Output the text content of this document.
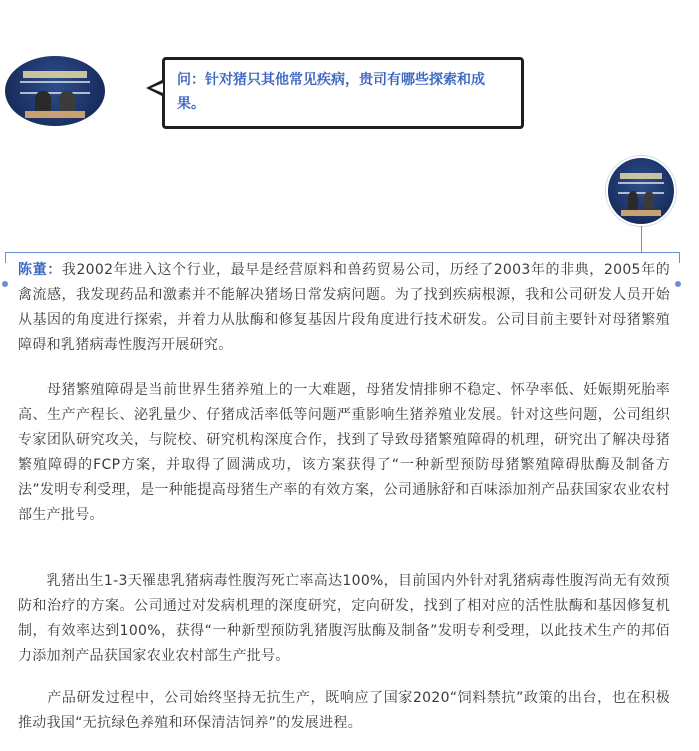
问：针对猪只其他常见疾病，贵司有哪些探索和成果。
陈董：我2002年进入这个行业，最早是经营原料和兽药贸易公司，历经了2003年的非典，2005年的禽流感，我发现药品和激素并不能解决猪场日常发病问题。为了找到疾病根源，我和公司研发人员开始从基因的角度进行探索，并着力从肽酶和修复基因片段角度进行技术研发。公司目前主要针对母猪繁殖障碍和乳猪病毒性腹泻开展研究。
　　母猪繁殖障碍是当前世界生猪养殖上的一大难题，母猪发情排卵不稳定、怀孕率低、妊娠期死胎率高、生产产程长、泌乳量少、仔猪成活率低等问题严重影响生猪养殖业发展。针对这些问题，公司组织专家团队研究攻关，与院校、研究机构深度合作，找到了导致母猪繁殖障碍的机理，研究出了解决母猪繁殖障碍的FCP方案，并取得了圆满成功，该方案获得了“一种新型预防母猪繁殖障碍肽酶及制备方法”发明专利受理，是一种能提高母猪生产率的有效方案，公司通脉舒和百味添加剂产品获国家农业农村部生产批号。
　　乳猪出生1-3天罹患乳猪病毒性腹泻死亡率高达100%，目前国内外针对乳猪病毒性腹泻尚无有效预防和治疗的方案。公司通过对发病机理的深度研究，定向研发，找到了相对应的活性肽酶和基因修复机制，有效率达到100%，获得“一种新型预防乳猪腹泻肽酶及制备”发明专利受理，以此技术生产的邦佰力添加剂产品获国家农业农村部生产批号。
　　产品研发过程中，公司始终坚持无抗生产，既响应了国家2020“饲料禁抗”政策的出台，也在积极推动我国“无抗绿色养殖和环保清洁饲养”的发展进程。
